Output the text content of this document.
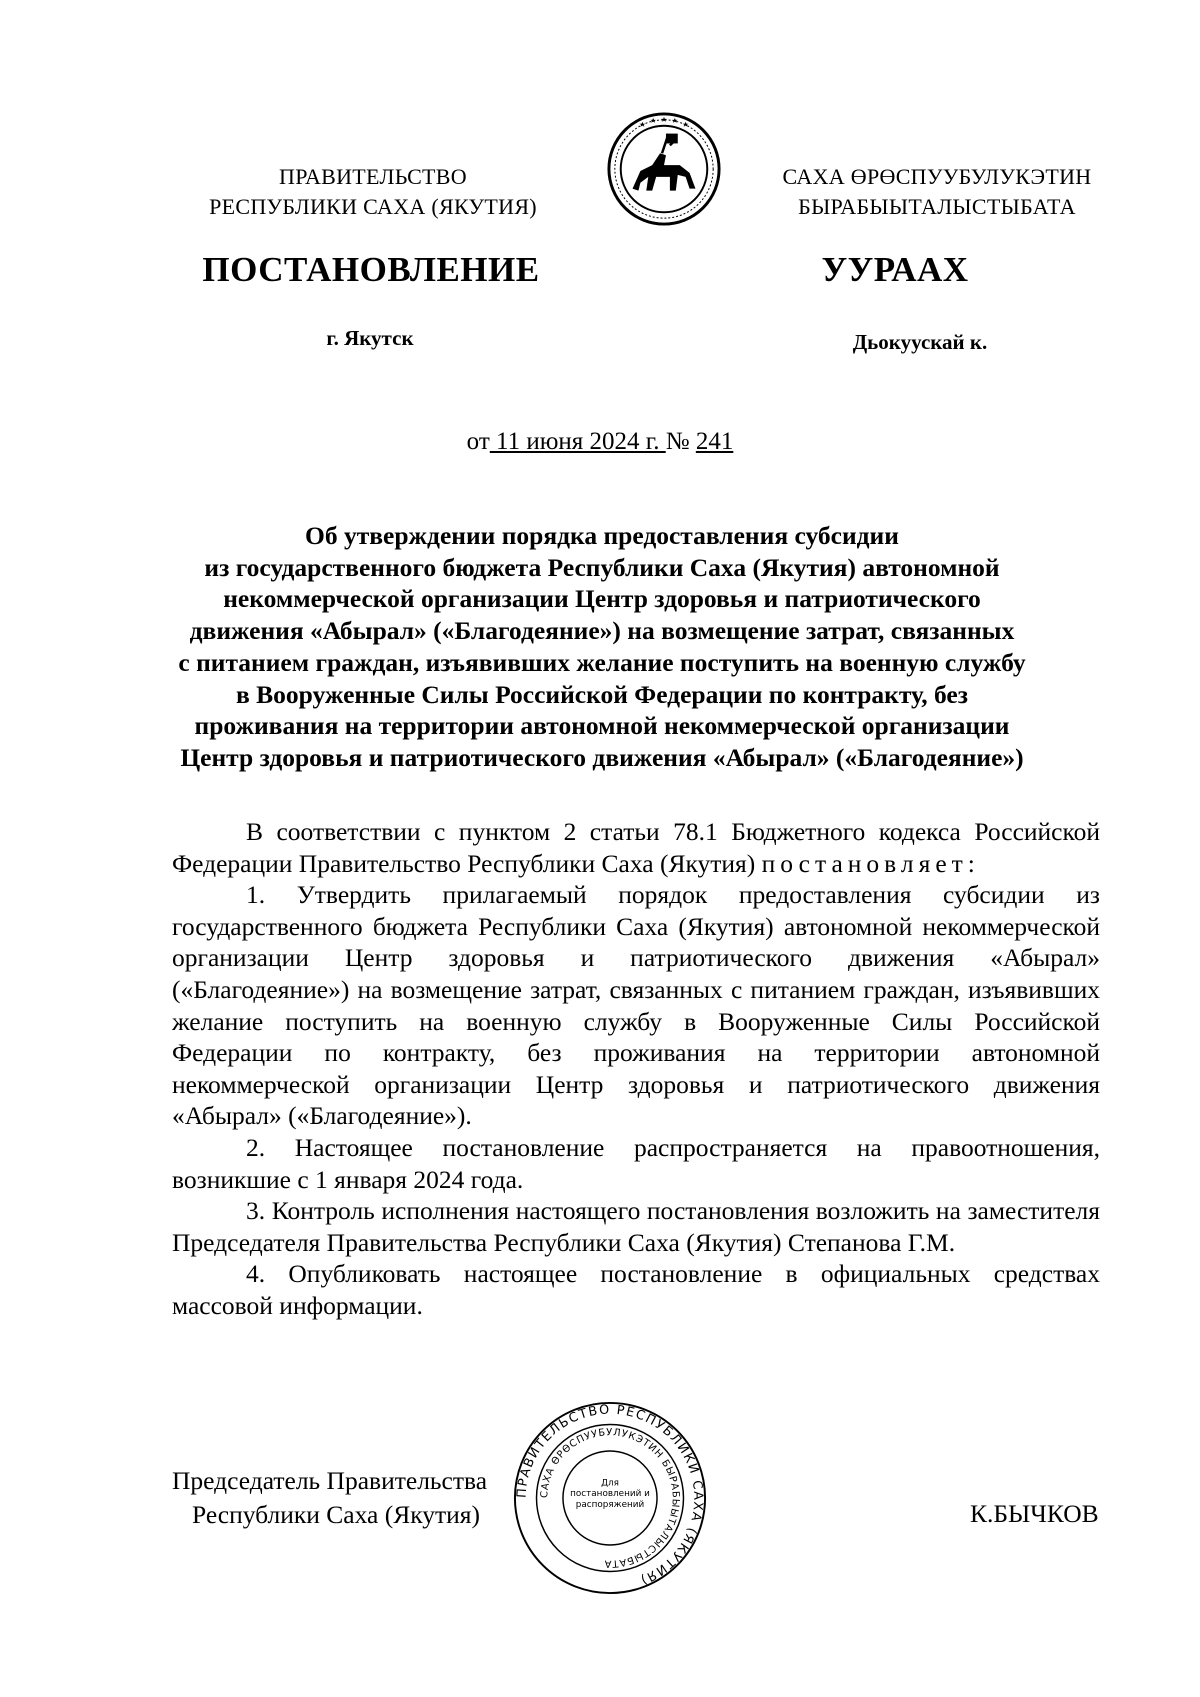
ПРАВИТЕЛЬСТВО
РЕСПУБЛИКИ САХА (ЯКУТИЯ)
САХА ӨРӨСПУУБУЛУКЭТИН
БЫРАБЫЫТАЛЫСТЫБАТА
ПОСТАНОВЛЕНИЕ	УУРААХ
г. Якутск	Дьокуускай к.
от 11 июня 2024 г. № 241
Об утверждении порядка предоставления субсидии
из государственного бюджета Республики Саха (Якутия) автономной
некоммерческой организации Центр здоровья и патриотического
движения «Абырал» («Благодеяние») на возмещение затрат, связанных
с питанием граждан, изъявивших желание поступить на военную службу
в Вооруженные Силы Российской Федерации по контракту, без
проживания на территории автономной некоммерческой организации
Центр здоровья и патриотического движения «Абырал» («Благодеяние»)

В соответствии с пунктом 2 статьи 78.1 Бюджетного кодекса Российской Федерации Правительство Республики Саха (Якутия) постановляет:

1. Утвердить прилагаемый порядок предоставления субсидии из государственного бюджета Республики Саха (Якутия) автономной некоммерческой организации Центр здоровья и патриотического движения «Абырал» («Благодеяние») на возмещение затрат, связанных с питанием граждан, изъявивших желание поступить на военную службу в Вооруженные Силы Российской Федерации по контракту, без проживания на территории автономной некоммерческой организации Центр здоровья и патриотического движения «Абырал» («Благодеяние»).

2. Настоящее постановление распространяется на правоотношения, возникшие с 1 января 2024 года.

3. Контроль исполнения настоящего постановления возложить на заместителя Председателя Правительства Республики Саха (Якутия) Степанова Г.М.

4. Опубликовать настоящее постановление в официальных средствах массовой информации.

Председатель Правительства
Республики Саха (Якутия)	К.БЫЧКОВ
ПРАВИТЕЛЬСТВО РЕСПУБЛИКИ САХА (ЯКУТИЯ)
САХА ӨРӨСПУУБУЛУКЭТИН БЫРАБЫЫТАЛЫСТЫБАТА
Для постановлений и распоряжений
